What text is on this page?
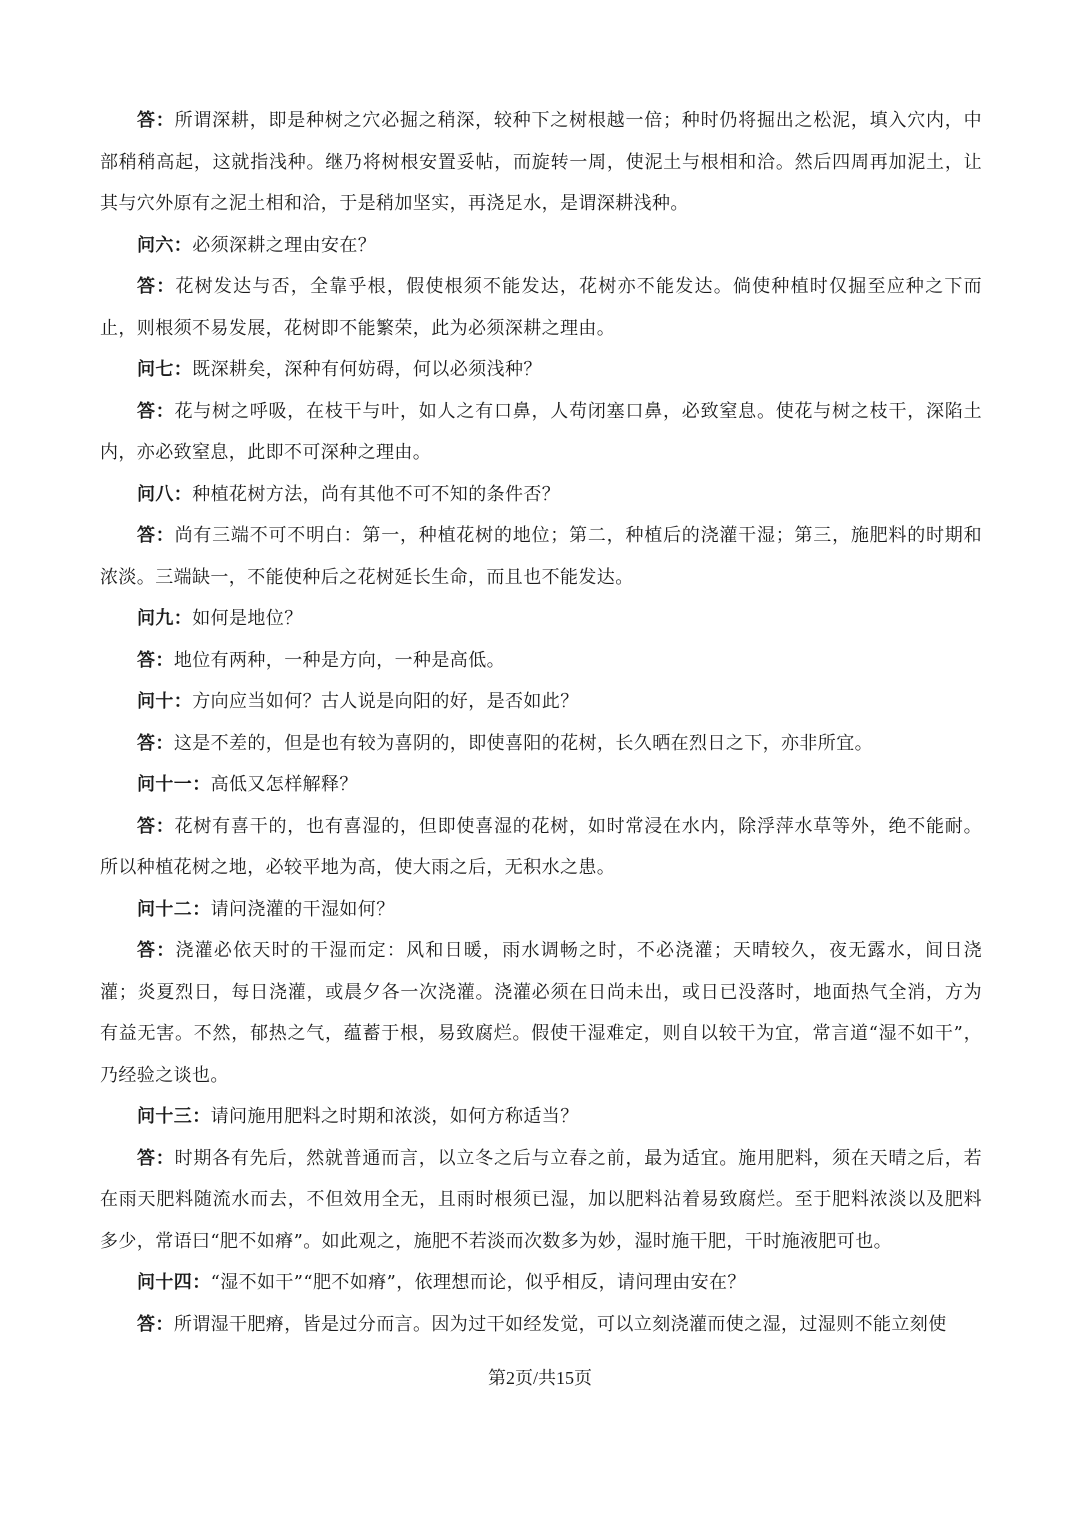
答：所谓深耕，即是种树之穴必掘之稍深，较种下之树根越一倍；种时仍将掘出之松泥，填入穴内，中部稍稍高起，这就指浅种。继乃将树根安置妥帖，而旋转一周，使泥土与根相和洽。然后四周再加泥土，让其与穴外原有之泥土相和洽，于是稍加坚实，再浇足水，是谓深耕浅种。

问六：必须深耕之理由安在？

答：花树发达与否，全靠乎根，假使根须不能发达，花树亦不能发达。倘使种植时仅掘至应种之下而止，则根须不易发展，花树即不能繁荣，此为必须深耕之理由。

问七：既深耕矣，深种有何妨碍，何以必须浅种？

答：花与树之呼吸，在枝干与叶，如人之有口鼻，人苟闭塞口鼻，必致窒息。使花与树之枝干，深陷土内，亦必致窒息，此即不可深种之理由。

问八：种植花树方法，尚有其他不可不知的条件否？

答：尚有三端不可不明白：第一，种植花树的地位；第二，种植后的浇灌干湿；第三，施肥料的时期和浓淡。三端缺一，不能使种后之花树延长生命，而且也不能发达。

问九：如何是地位？

答：地位有两种，一种是方向，一种是高低。

问十：方向应当如何？古人说是向阳的好，是否如此？

答：这是不差的，但是也有较为喜阴的，即使喜阳的花树，长久晒在烈日之下，亦非所宜。

问十一：高低又怎样解释？

答：花树有喜干的，也有喜湿的，但即使喜湿的花树，如时常浸在水内，除浮萍水草等外，绝不能耐。所以种植花树之地，必较平地为高，使大雨之后，无积水之患。

问十二：请问浇灌的干湿如何？

答：浇灌必依天时的干湿而定：风和日暖，雨水调畅之时，不必浇灌；天晴较久，夜无露水，间日浇灌；炎夏烈日，每日浇灌，或晨夕各一次浇灌。浇灌必须在日尚未出，或日已没落时，地面热气全消，方为有益无害。不然，郁热之气，蕴蓄于根，易致腐烂。假使干湿难定，则自以较干为宜，常言道“湿不如干”，乃经验之谈也。

问十三：请问施用肥料之时期和浓淡，如何方称适当？

答：时期各有先后，然就普通而言，以立冬之后与立春之前，最为适宜。施用肥料，须在天晴之后，若在雨天肥料随流水而去，不但效用全无，且雨时根须已湿，加以肥料沾着易致腐烂。至于肥料浓淡以及肥料多少，常语曰“肥不如瘠”。如此观之，施肥不若淡而次数多为妙，湿时施干肥，干时施液肥可也。

问十四：“湿不如干”“肥不如瘠”，依理想而论，似乎相反，请问理由安在？

答：所谓湿干肥瘠，皆是过分而言。因为过干如经发觉，可以立刻浇灌而使之湿，过湿则不能立刻使

第2页/共15页
